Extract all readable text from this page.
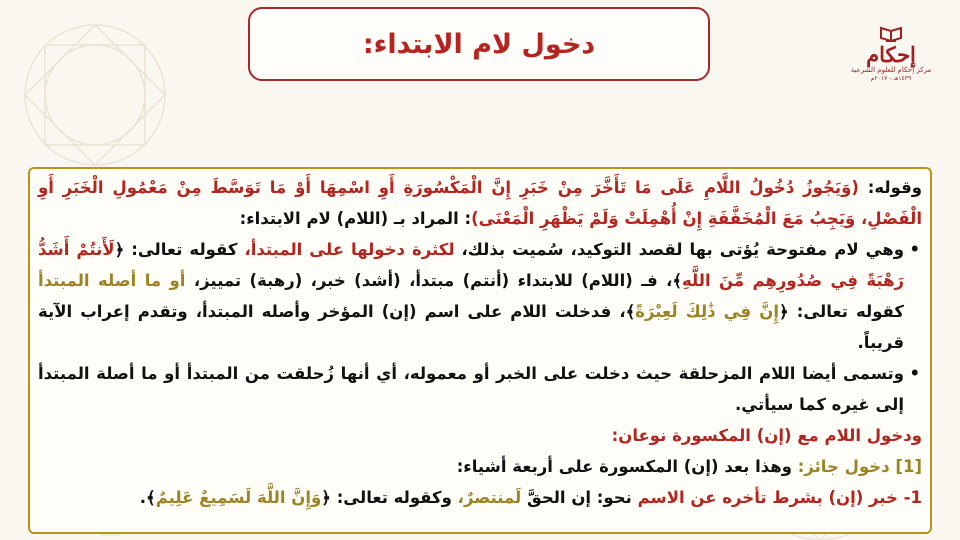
دخول لام الابتداء:	إحكام
مركز إحكام للعلوم الشرعية
١٤٣٩هـ - ٢٠١٧م

وقوله: (وَيَجُوزُ دُخُولُ اللَّامِ عَلَى مَا تَأَخَّرَ مِنْ خَبَرِ إِنَّ الْمَكْسُورَةِ أَوِ اسْمِهَا أَوْ مَا تَوَسَّطَ مِنْ مَعْمُولِ الْخَبَرِ أَوِ الْفَصْلِ، وَيَجِبُ مَعَ الْمُخَفَّفَةِ إِنْ أُهْمِلَتْ وَلَمْ يَظْهَرِ الْمَعْنَى): المراد بـ (اللام) لام الابتداء:

• وهي لام مفتوحة يُؤتى بها لقصد التوكيد، سُميت بذلك، لكثرة دخولها على المبتدأ، كقوله تعالى: ﴿لَأَنتُمْ أَشَدُّ رَهْبَةً فِي صُدُورِهِم مِّنَ اللَّهِ﴾، فـ (اللام) للابتداء (أنتم) مبتدأ، (أشد) خبر، (رهبة) تمييز، أو ما أصله المبتدأ كقوله تعالى: ﴿إِنَّ فِي ذَٰلِكَ لَعِبْرَةً﴾، فدخلت اللام على اسم (إن) المؤخر وأصله المبتدأ، وتقدم إعراب الآية قريباً.
• وتسمى أيضا اللام المزحلقة حيث دخلت على الخبر أو معموله، أي أنها زُحلقت من المبتدأ أو ما أصلة المبتدأ إلى غيره كما سيأتي.

ودخول اللام مع (إن) المكسورة نوعان:

[1] دخول جائز: وهذا بعد (إن) المكسورة على أربعة أشياء:

1- خبر (إن) بشرط تأخره عن الاسم نحو: إن الحقَّ لَمنتصرٌ، وكقوله تعالى: ﴿وَإِنَّ اللَّهَ لَسَمِيعٌ عَلِيمٌ﴾.
